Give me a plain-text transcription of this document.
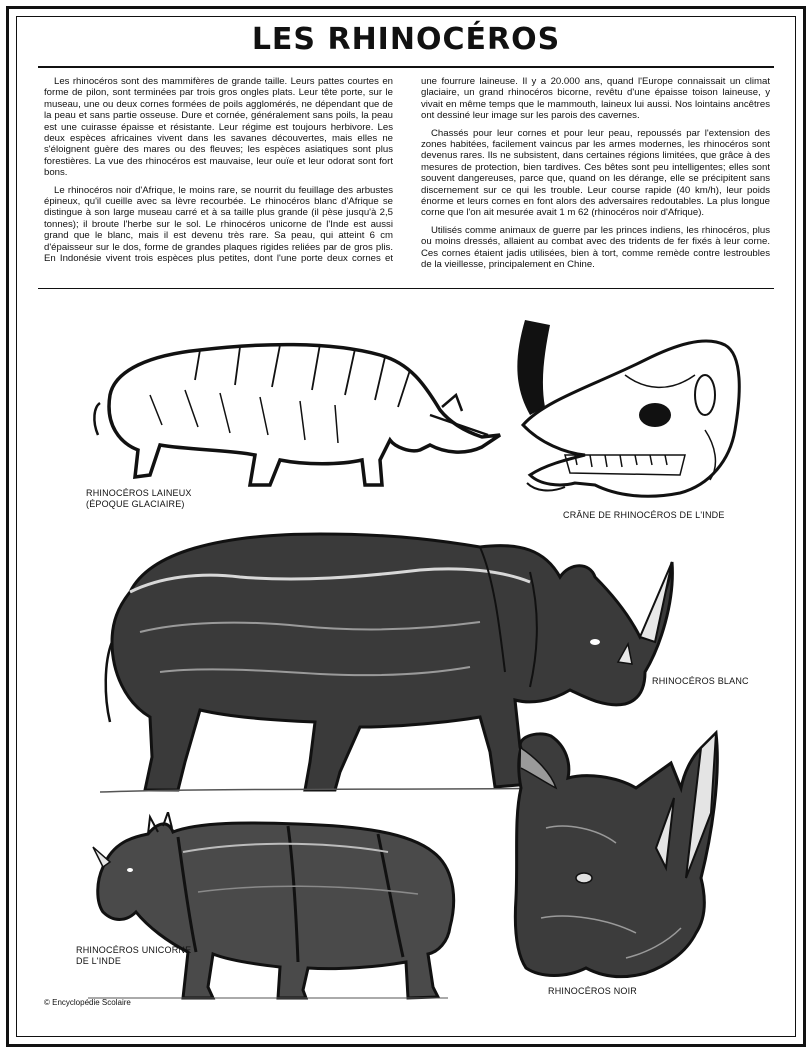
LES RHINOCÉROS

Les rhinocéros sont des mammifères de grande taille. Leurs pattes courtes en forme de pilon, sont terminées par trois gros ongles plats. Leur tête porte, sur le museau, une ou deux cornes formées de poils agglomérés, ne dépendant que de la peau et sans partie osseuse. Dure et cornée, généralement sans poils, la peau est une cuirasse épaisse et résistante. Leur régime est toujours herbivore. Les deux espèces africaines vivent dans les savanes découvertes, mais elles ne s'éloignent guère des mares ou des fleuves; les espèces asiatiques sont plus forestières. La vue des rhinocéros est mauvaise, leur ouïe et leur odorat sont fort bons.

Le rhinocéros noir d'Afrique, le moins rare, se nourrit du feuillage des arbustes épineux, qu'il cueille avec sa lèvre recourbée. Le rhinocéros blanc d'Afrique se distingue à son large museau carré et à sa taille plus grande (il pèse jusqu'à 2,5 tonnes); il broute l'herbe sur le sol. Le rhinocéros unicorne de l'Inde est aussi grand que le blanc, mais il est devenu très rare. Sa peau, qui atteint 6 cm d'épaisseur sur le dos, forme de grandes plaques rigides reliées par de gros plis. En Indonésie vivent trois espèces plus petites, dont l'une porte deux cornes et une fourrure laineuse. Il y a 20.000 ans, quand l'Europe connaissait un climat glaciaire, un grand rhinocéros bicorne, revêtu d'une épaisse toison laineuse, y vivait en même temps que le mammouth, laineux lui aussi. Nos lointains ancêtres ont dessiné leur image sur les parois des cavernes.

Chassés pour leur cornes et pour leur peau, repoussés par l'extension des zones habitées, facilement vaincus par les armes modernes, les rhinocéros sont devenus rares. Ils ne subsistent, dans certaines régions limitées, que grâce à des mesures de protection, bien tardives. Ces bêtes sont peu intelligentes; elles sont souvent dangereuses, parce que, quand on les dérange, elle se précipitent sans discernement sur ce qui les trouble. Leur course rapide (40 km/h), leur poids énorme et leurs cornes en font alors des adversaires redoutables. La plus longue corne que l'on ait mesurée avait 1 m 62 (rhinocéros noir d'Afrique).

Utilisés comme animaux de guerre par les princes indiens, les rhinocéros, plus ou moins dressés, allaient au combat avec des tridents de fer fixés à leur corne. Ces cornes étaient jadis utilisées, bien à tort, comme remède contre lestroubles de la vieillesse, principalement en Chine.

RHINOCÉROS LAINEUX
(ÉPOQUE GLACIAIRE)
CRÂNE DE RHINOCÉROS DE L'INDE
RHINOCÉROS BLANC
RHINOCÉROS UNICORNE
DE L'INDE
RHINOCÉROS NOIR
© Encyclopédie Scolaire
